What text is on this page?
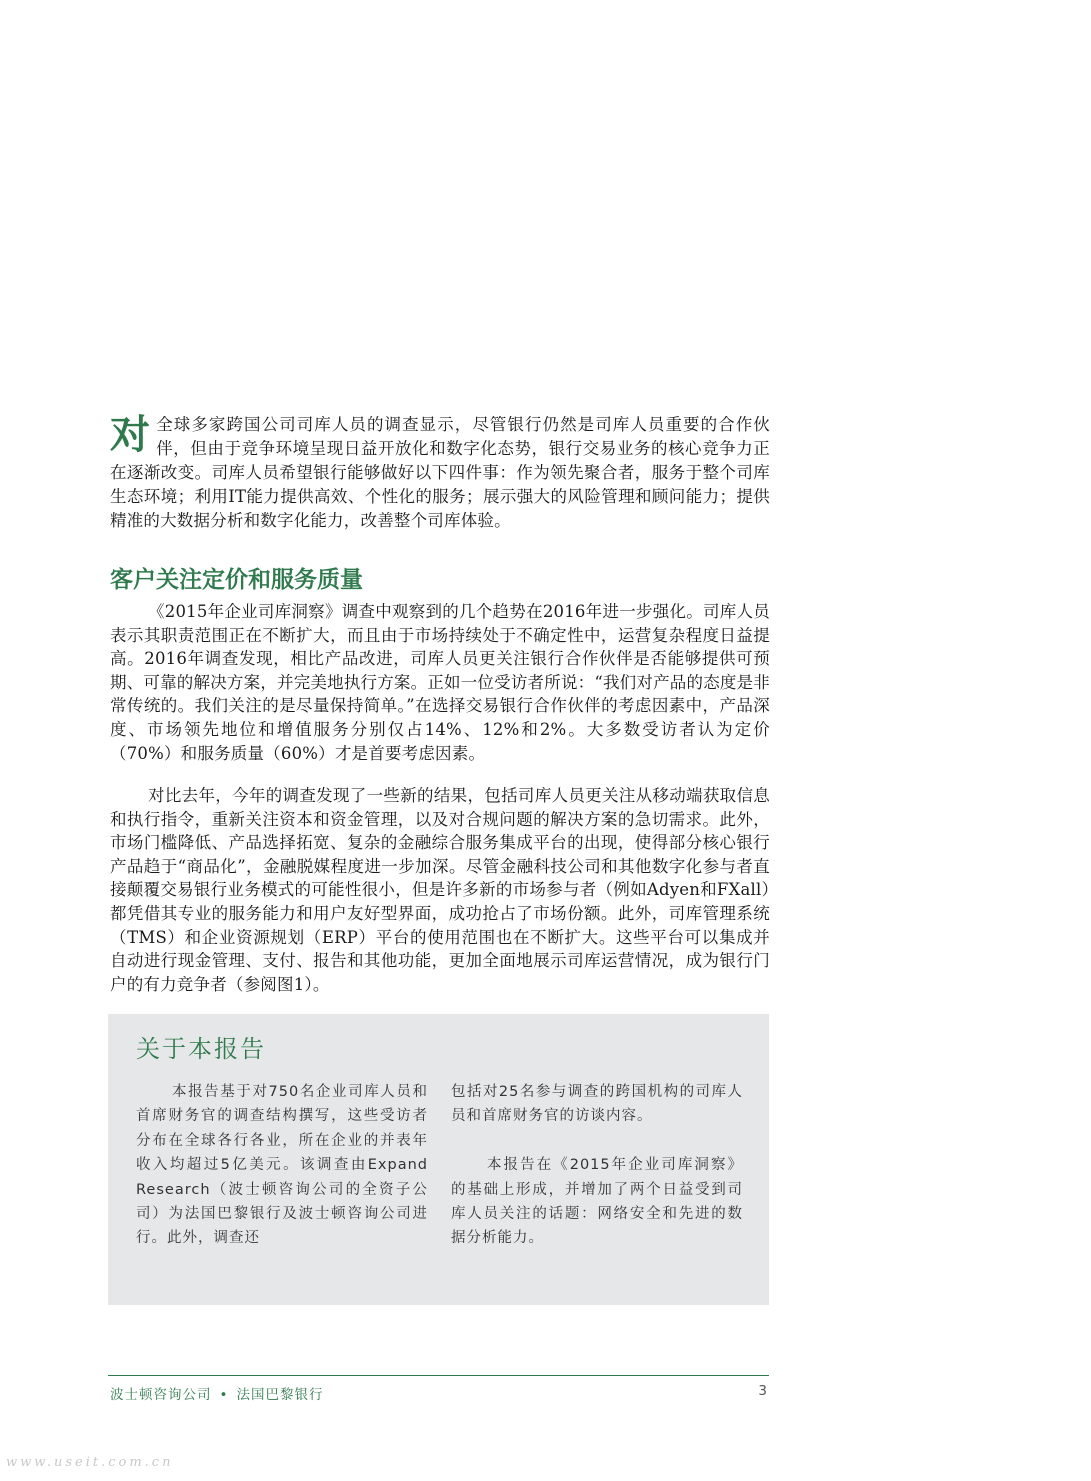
对 全球多家跨国公司司库人员的调查显示，尽管银行仍然是司库人员重要的合作伙伴，但由于竞争环境呈现日益开放化和数字化态势，银行交易业务的核心竞争力正在逐渐改变。司库人员希望银行能够做好以下四件事：作为领先聚合者，服务于整个司库生态环境；利用IT能力提供高效、个性化的服务；展示强大的风险管理和顾问能力；提供精准的大数据分析和数字化能力，改善整个司库体验。
客户关注定价和服务质量

《2015年企业司库洞察》调查中观察到的几个趋势在2016年进一步强化。司库人员表示其职责范围正在不断扩大，而且由于市场持续处于不确定性中，运营复杂程度日益提高。2016年调查发现，相比产品改进，司库人员更关注银行合作伙伴是否能够提供可预期、可靠的解决方案，并完美地执行方案。正如一位受访者所说：“我们对产品的态度是非常传统的。我们关注的是尽量保持简单。”在选择交易银行合作伙伴的考虑因素中，产品深度、市场领先地位和增值服务分别仅占14%、12%和2%。大多数受访者认为定价（70%）和服务质量（60%）才是首要考虑因素。

对比去年，今年的调查发现了一些新的结果，包括司库人员更关注从移动端获取信息和执行指令，重新关注资本和资金管理，以及对合规问题的解决方案的急切需求。此外，市场门槛降低、产品选择拓宽、复杂的金融综合服务集成平台的出现，使得部分核心银行产品趋于“商品化”，金融脱媒程度进一步加深。尽管金融科技公司和其他数字化参与者直接颠覆交易银行业务模式的可能性很小，但是许多新的市场参与者（例如Adyen和FXall）都凭借其专业的服务能力和用户友好型界面，成功抢占了市场份额。此外，司库管理系统（TMS）和企业资源规划（ERP）平台的使用范围也在不断扩大。这些平台可以集成并自动进行现金管理、支付、报告和其他功能，更加全面地展示司库运营情况，成为银行门户的有力竞争者（参阅图1）。

关于本报告

本报告基于对750名企业司库人员和首席财务官的调查结构撰写，这些受访者分布在全球各行各业，所在企业的并表年收入均超过5亿美元。该调查由Expand Research（波士顿咨询公司的全资子公司）为法国巴黎银行及波士顿咨询公司进行。此外，调查还

包括对25名参与调查的跨国机构的司库人员和首席财务官的访谈内容。

本报告在《2015年企业司库洞察》的基础上形成，并增加了两个日益受到司库人员关注的话题：网络安全和先进的数据分析能力。

波士顿咨询公司 • 法国巴黎银行	3
www.useit.com.cn
